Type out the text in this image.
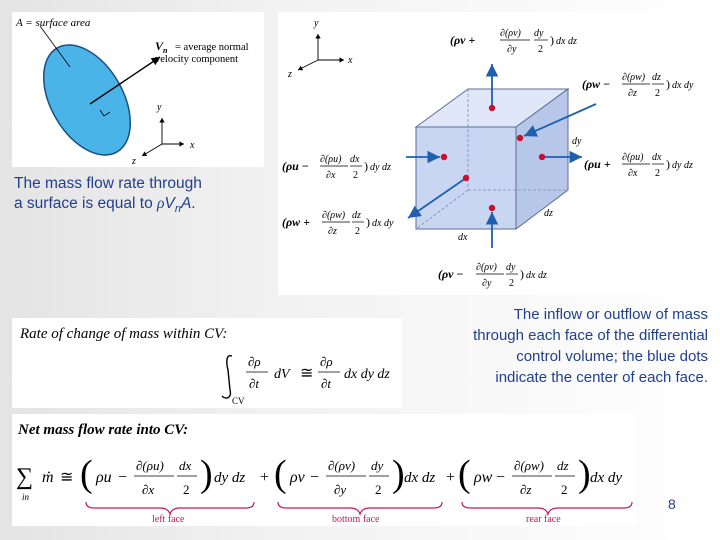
A = surface area
$V_n$ = average normal
velocity component
y
x
z
The mass flow rate through
a surface is equal to $\rho V_nA$.
y
x
z
dy
dz
dx
(ρv + ∂(ρv)
∂y
dy
2
) dx dz
(ρw − ∂(ρw)
∂z
dz
2
) dx dy
(ρu − ∂(ρu)
∂x
dx
2
) dy dz	(ρu + ∂(ρu)
∂x
dx
2
) dy dz
(ρw + ∂(ρw)
∂z
dz
2
) dx dy
(ρv − ∂(ρv)
∂y
dy
2
) dx dz
The inflow or outflow of mass
through each face of the differential
control volume; the blue dots
indicate the center of each face.
Rate of change of mass within CV:
CV
∂ρ
∂t
dV ≅
∂ρ
∂t
dx dy dz
Net mass flow rate into CV:
∑
in
ṁ ≅ ( ρu −
∂(ρu)
∂x
dx
2 ) dy dz + ( ρv −
∂(ρv)
∂y
dy
2 ) dx dz + ( ρw −
∂(ρw)
∂z
dz
2 ) dx dy
left face	bottom face	rear face
8
